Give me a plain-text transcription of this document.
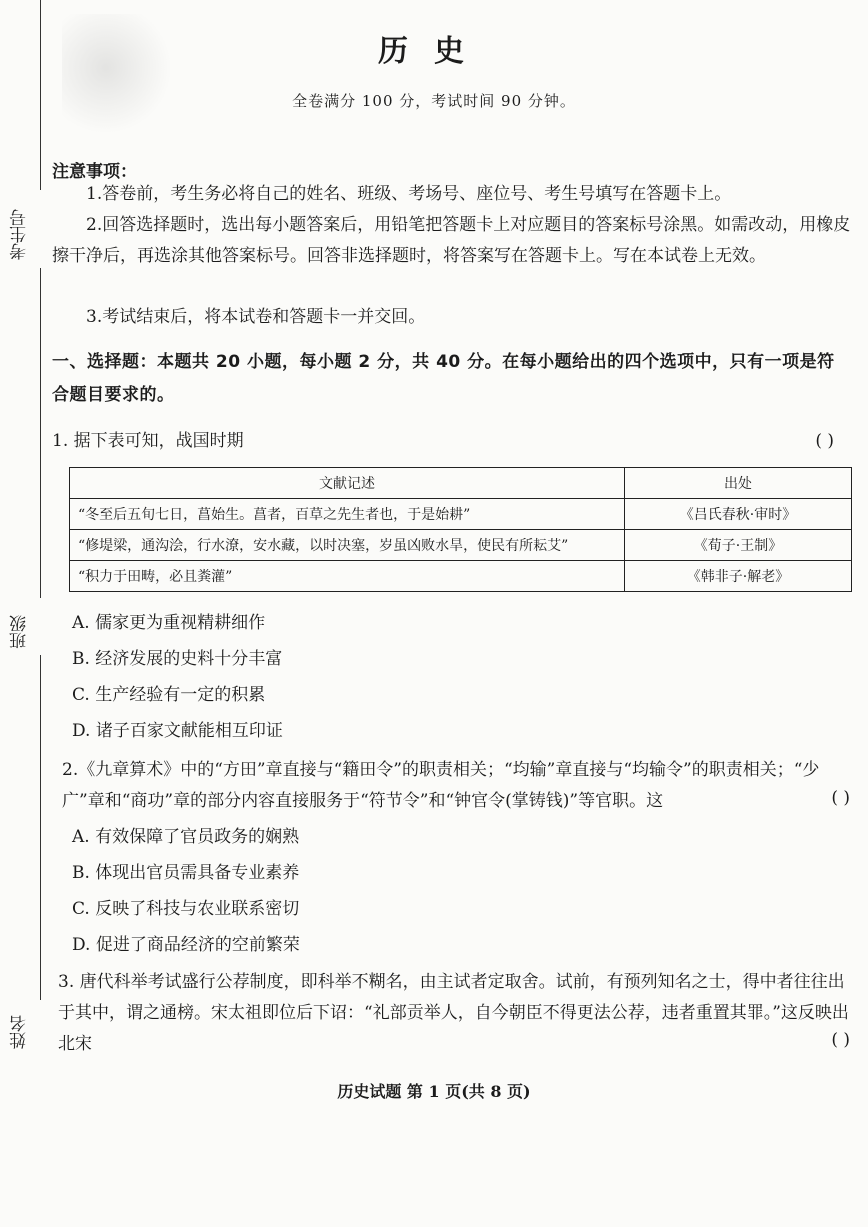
考生号
班级
姓名
历史
全卷满分 100 分，考试时间 90 分钟。
注意事项：

1.答卷前，考生务必将自己的姓名、班级、考场号、座位号、考生号填写在答题卡上。

2.回答选择题时，选出每小题答案后，用铅笔把答题卡上对应题目的答案标号涂黑。如需改动，用橡皮擦干净后，再选涂其他答案标号。回答非选择题时，将答案写在答题卡上。写在本试卷上无效。

3.考试结束后，将本试卷和答题卡一并交回。

一、选择题：本题共 20 小题，每小题 2 分，共 40 分。在每小题给出的四个选项中，只有一项是符合题目要求的。
1. 据下表可知，战国时期	( )
文献记述	出处
“冬至后五旬七日，菖始生。菖者，百草之先生者也，于是始耕”	《吕氏春秋·审时》
“修堤梁，通沟浍，行水潦，安水藏，以时决塞，岁虽凶败水旱，使民有所耘艾”	《荀子·王制》
“积力于田畴，必且粪灌”	《韩非子·解老》
A. 儒家更为重视精耕细作
B. 经济发展的史料十分丰富
C. 生产经验有一定的积累
D. 诸子百家文献能相互印证
2.《九章算术》中的“方田”章直接与“籍田令”的职责相关；“均输”章直接与“均输令”的职责相关；“少广”章和“商功”章的部分内容直接服务于“符节令”和“钟官令(掌铸钱)”等官职。这	( )
A. 有效保障了官员政务的娴熟
B. 体现出官员需具备专业素养
C. 反映了科技与农业联系密切
D. 促进了商品经济的空前繁荣
3. 唐代科举考试盛行公荐制度，即科举不糊名，由主试者定取舍。试前，有预列知名之士，得中者往往出于其中，谓之通榜。宋太祖即位后下诏：“礼部贡举人，自今朝臣不得更法公荐，违者重置其罪。”这反映出北宋	( )
历史试题 第 1 页(共 8 页)
